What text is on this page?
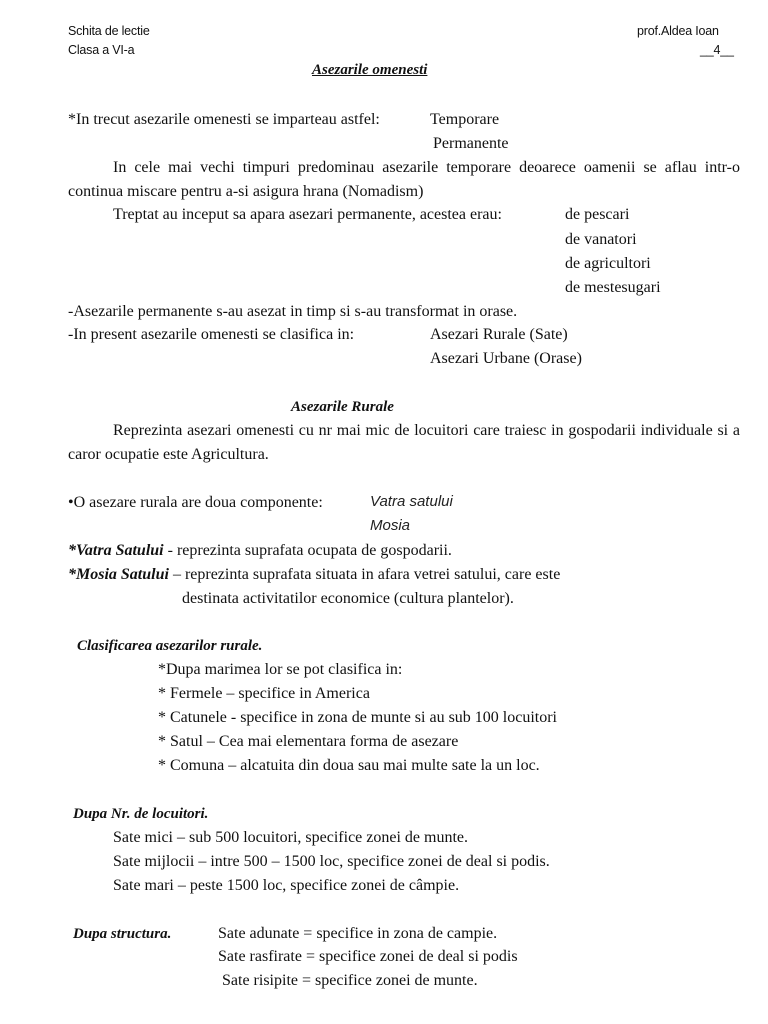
Schita de lectie
Clasa a VI-a
prof.Aldea Ioan
__4__
Asezarile omenesti
*In trecut asezarile omenesti se imparteau astfel:	Temporare
Permanente
In cele mai vechi timpuri predominau asezarile temporare deoarece oamenii se aflau intr-o continua miscare pentru a-si asigura hrana (Nomadism)
Treptat au inceput sa apara asezari permanente, acestea erau:	de pescari
de vanatori
de agricultori
de mestesugari
-Asezarile permanente s-au asezat in timp si s-au transformat in orase.
-In present asezarile omenesti se clasifica in:	Asezari Rurale (Sate)
Asezari Urbane (Orase)
Asezarile Rurale
Reprezinta asezari omenesti cu nr mai mic de locuitori care traiesc in gospodarii individuale si a caror ocupatie este Agricultura.
•O asezare rurala are doua componente:	Vatra satului
Mosia
*Vatra Satului - reprezinta suprafata ocupata de gospodarii.
*Mosia Satului – reprezinta suprafata situata in afara vetrei satului, care este
destinata activitatilor economice (cultura plantelor).
Clasificarea asezarilor rurale.
*Dupa marimea lor se pot clasifica in:
* Fermele – specifice in America
* Catunele - specifice in zona de munte si au sub 100 locuitori
* Satul – Cea mai elementara forma de asezare
* Comuna – alcatuita din doua sau mai multe sate la un loc.
Dupa Nr. de locuitori.
Sate mici – sub 500 locuitori, specifice zonei de munte.
Sate mijlocii – intre 500 – 1500 loc, specifice zonei de deal si podis.
Sate mari – peste 1500 loc, specifice zonei de câmpie.
Dupa structura.	Sate adunate = specifice in zona de campie.
Sate rasfirate = specifice zonei de deal si podis
Sate risipite = specifice zonei de munte.
